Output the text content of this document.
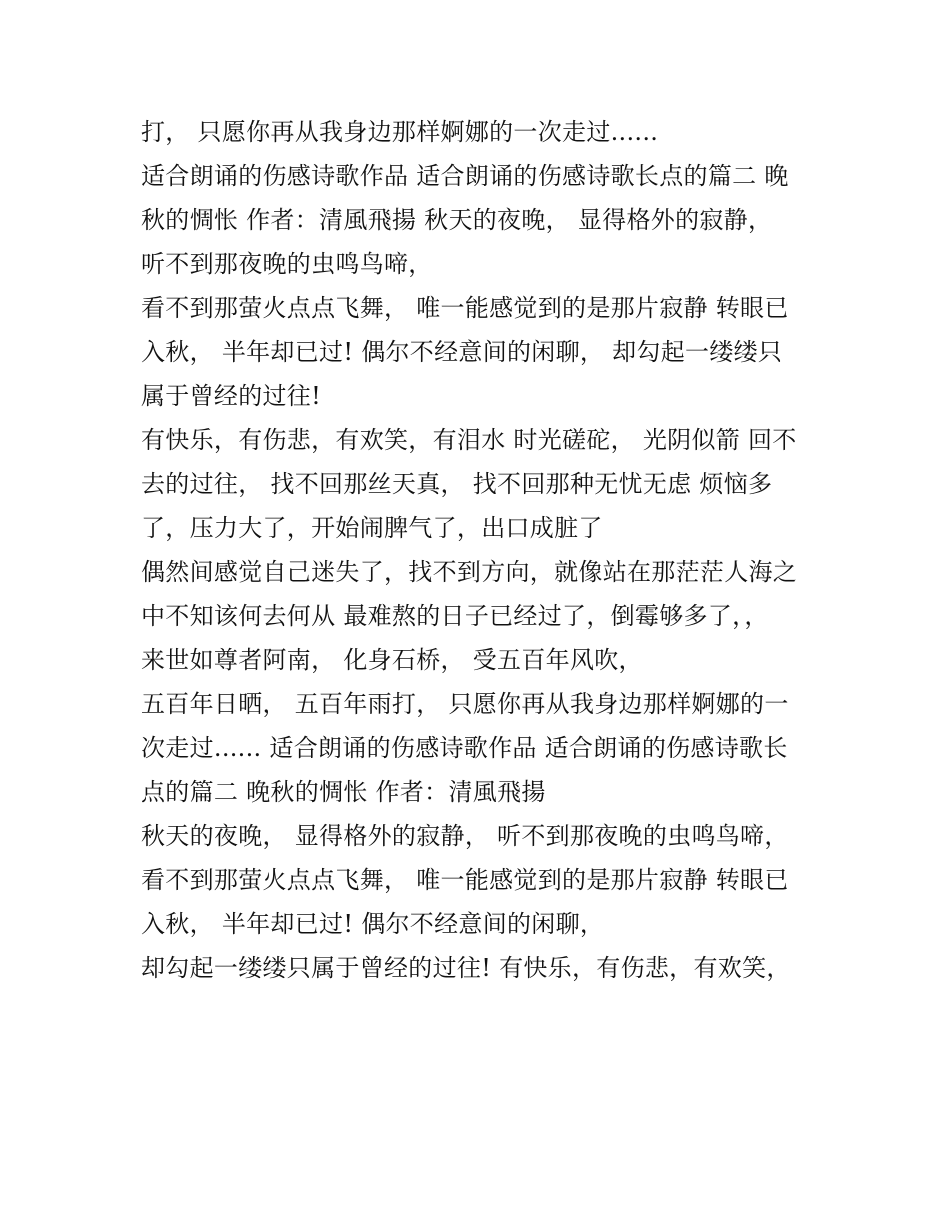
打， 只愿你再从我身边那样婀娜的一次走过......
适合朗诵的伤感诗歌作品 适合朗诵的伤感诗歌长点的篇二 晚
秋的惆怅 作者：清風飛揚 秋天的夜晚， 显得格外的寂静，
听不到那夜晚的虫鸣鸟啼，
看不到那萤火点点飞舞， 唯一能感觉到的是那片寂静 转眼已
入秋， 半年却已过! 偶尔不经意间的闲聊， 却勾起一缕缕只
属于曾经的过往!
有快乐，有伤悲，有欢笑，有泪水 时光磋砣， 光阴似箭 回不
去的过往， 找不回那丝天真， 找不回那种无忧无虑 烦恼多
了，压力大了，开始闹脾气了，出口成脏了
偶然间感觉自己迷失了，找不到方向，就像站在那茫茫人海之
中不知该何去何从 最难熬的日子已经过了，倒霉够多了，，
来世如尊者阿南， 化身石桥， 受五百年风吹，
五百年日晒， 五百年雨打， 只愿你再从我身边那样婀娜的一
次走过...... 适合朗诵的伤感诗歌作品 适合朗诵的伤感诗歌长
点的篇二 晚秋的惆怅 作者：清風飛揚
秋天的夜晚， 显得格外的寂静， 听不到那夜晚的虫鸣鸟啼，
看不到那萤火点点飞舞， 唯一能感觉到的是那片寂静 转眼已
入秋， 半年却已过! 偶尔不经意间的闲聊，
却勾起一缕缕只属于曾经的过往! 有快乐，有伤悲，有欢笑，
